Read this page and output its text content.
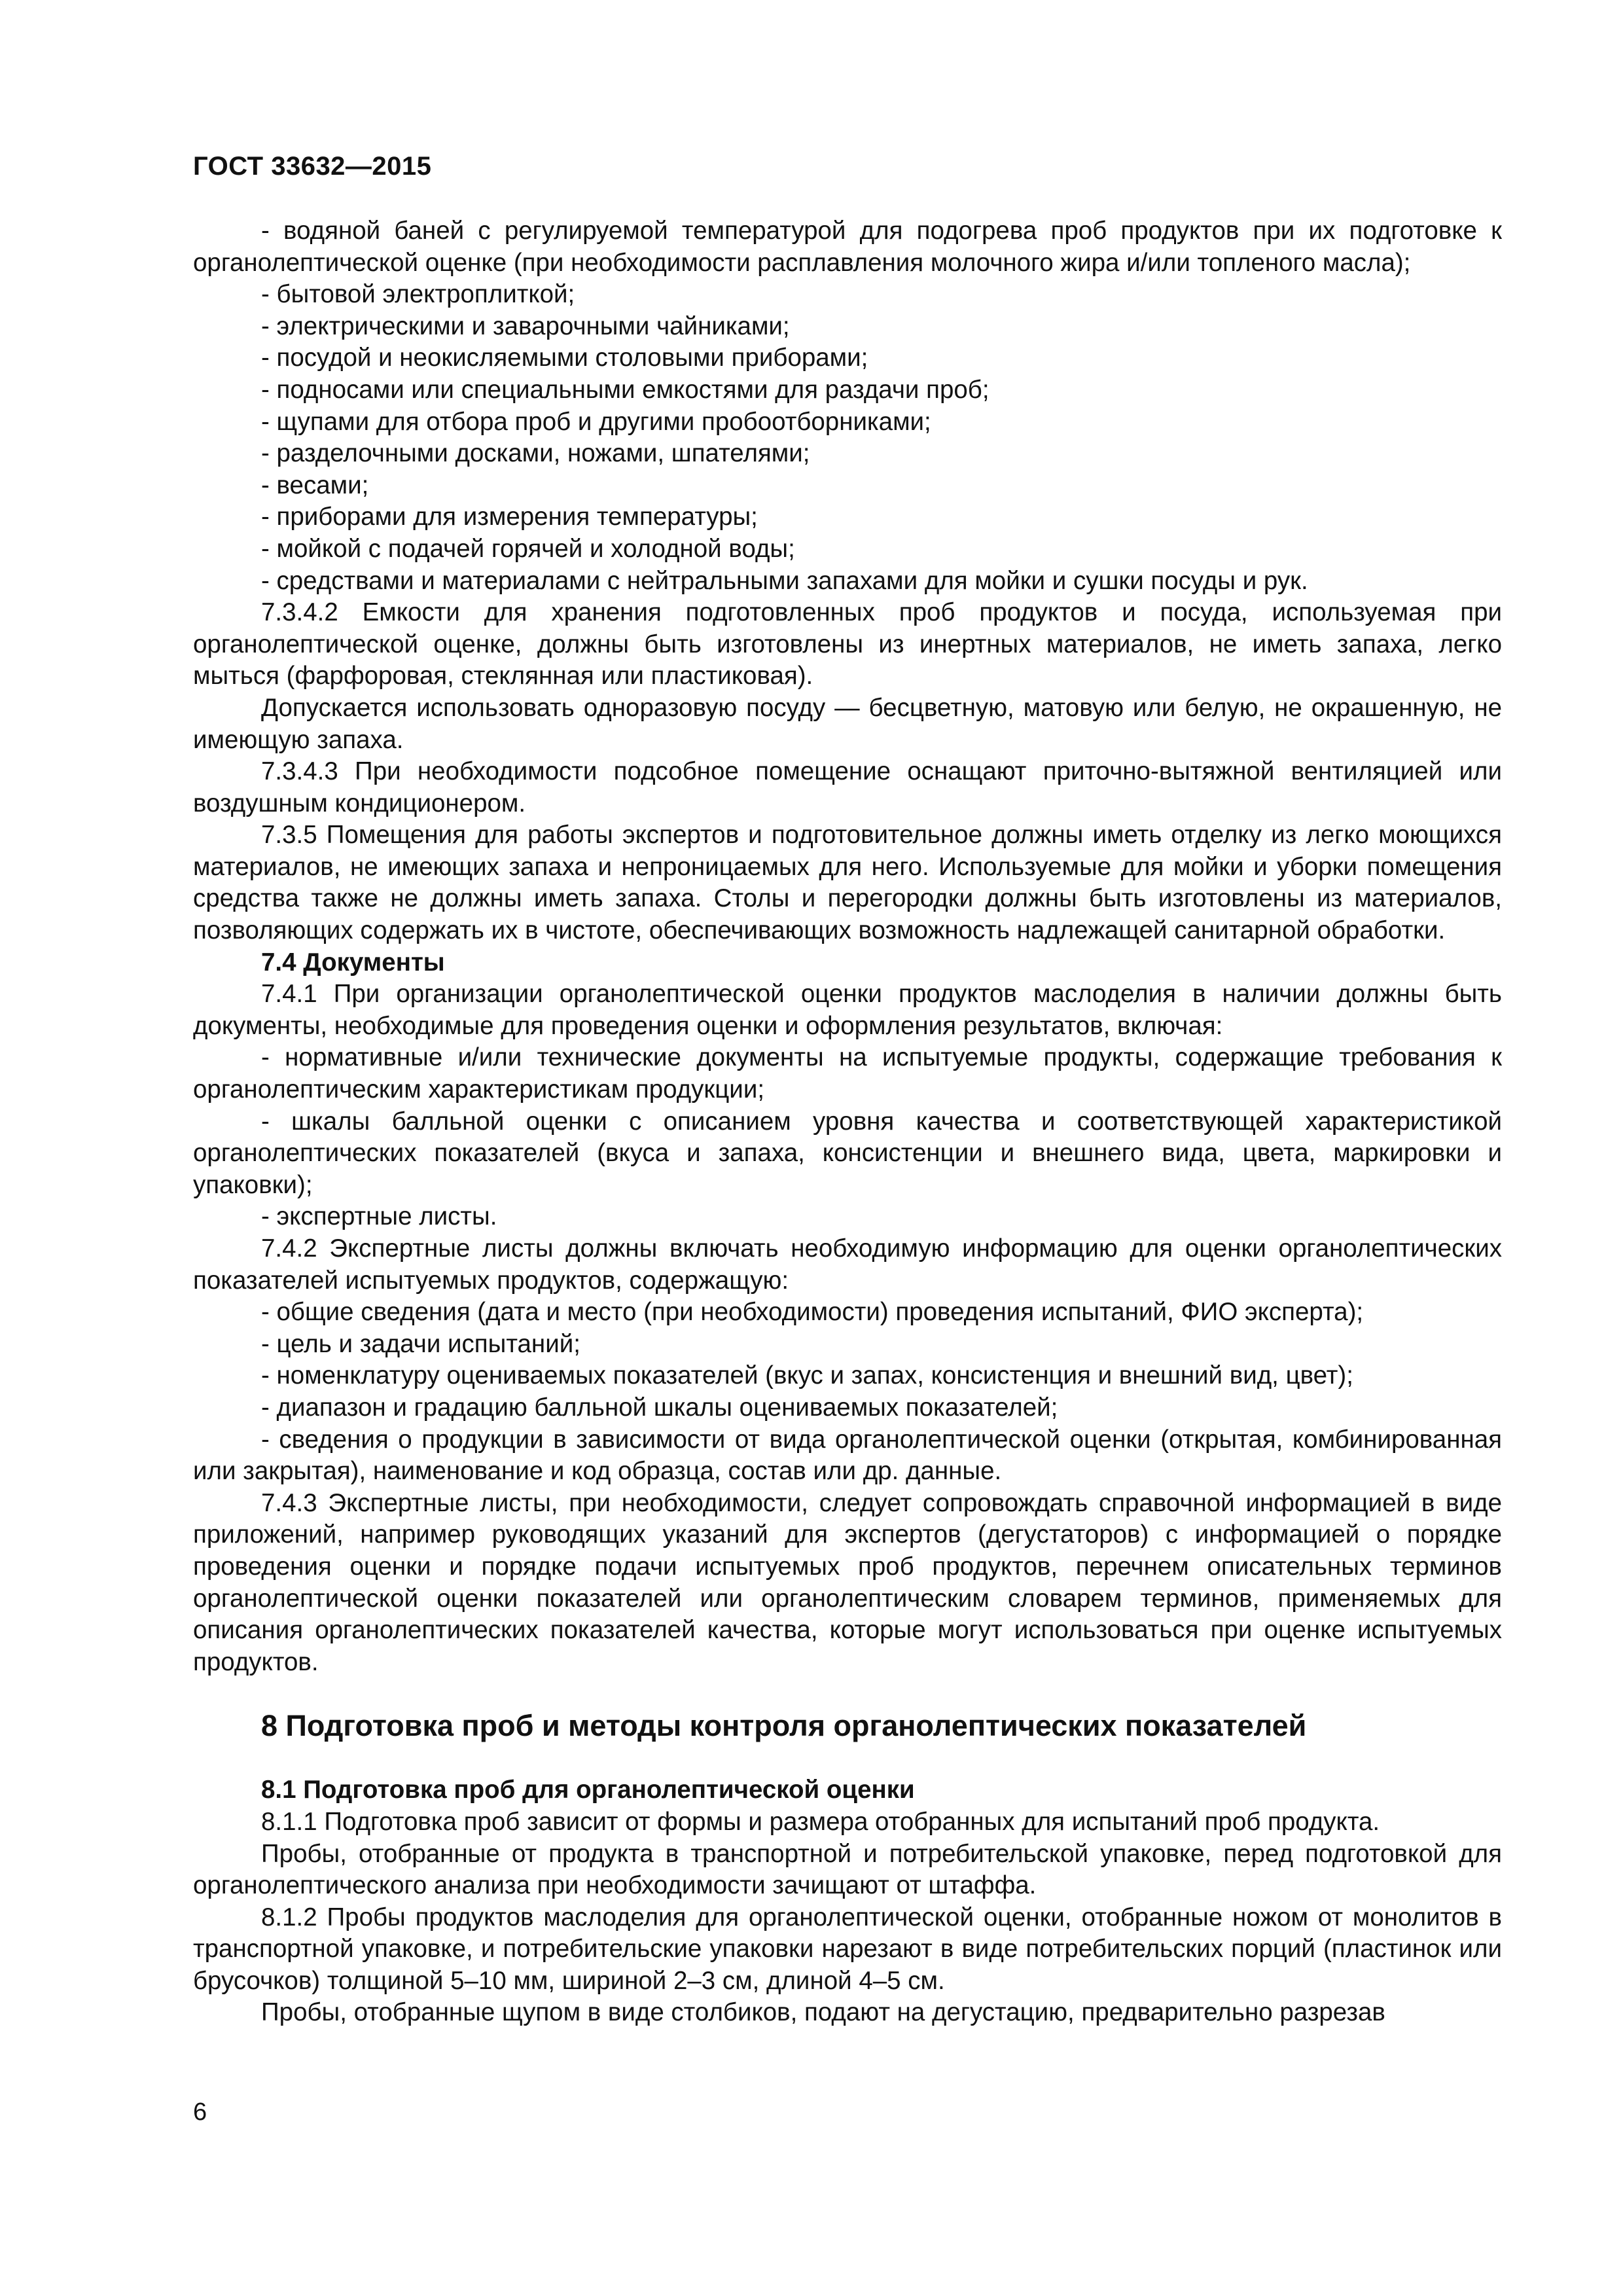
ГОСТ 33632—2015

- водяной баней с регулируемой температурой для подогрева проб продуктов при их подготовке к органолептической оценке (при необходимости расплавления молочного жира и/или топленого масла);

- бытовой электроплиткой;

- электрическими и заварочными чайниками;

- посудой и неокисляемыми столовыми приборами;

- подносами или специальными емкостями для раздачи проб;

- щупами для отбора проб и другими пробоотборниками;

- разделочными досками, ножами, шпателями;

- весами;

- приборами для измерения температуры;

- мойкой с подачей горячей и холодной воды;

- средствами и материалами с нейтральными запахами для мойки и сушки посуды и рук.

7.3.4.2 Емкости для хранения подготовленных проб продуктов и посуда, используемая при органолептической оценке, должны быть изготовлены из инертных материалов, не иметь запаха, легко мыться (фарфоровая, стеклянная или пластиковая).

Допускается использовать одноразовую посуду — бесцветную, матовую или белую, не окрашенную, не имеющую запаха.

7.3.4.3 При необходимости подсобное помещение оснащают приточно-вытяжной вентиляцией или воздушным кондиционером.

7.3.5 Помещения для работы экспертов и подготовительное должны иметь отделку из легко моющихся материалов, не имеющих запаха и непроницаемых для него. Используемые для мойки и уборки помещения средства также не должны иметь запаха. Столы и перегородки должны быть изготовлены из материалов, позволяющих содержать их в чистоте, обеспечивающих возможность надлежащей санитарной обработки.

7.4 Документы

7.4.1 При организации органолептической оценки продуктов маслоделия в наличии должны быть документы, необходимые для проведения оценки и оформления результатов, включая:

- нормативные и/или технические документы на испытуемые продукты, содержащие требования к органолептическим характеристикам продукции;

- шкалы балльной оценки с описанием уровня качества и соответствующей характеристикой органолептических показателей (вкуса и запаха, консистенции и внешнего вида, цвета, маркировки и упаковки);

- экспертные листы.

7.4.2 Экспертные листы должны включать необходимую информацию для оценки органолептических показателей испытуемых продуктов, содержащую:

- общие сведения (дата и место (при необходимости) проведения испытаний, ФИО эксперта);

- цель и задачи испытаний;

- номенклатуру оцениваемых показателей (вкус и запах, консистенция и внешний вид, цвет);

- диапазон и градацию балльной шкалы оцениваемых показателей;

- сведения о продукции в зависимости от вида органолептической оценки (открытая, комбинированная или закрытая), наименование и код образца, состав или др. данные.

7.4.3 Экспертные листы, при необходимости, следует сопровождать справочной информацией в виде приложений, например руководящих указаний для экспертов (дегустаторов) с информацией о порядке проведения оценки и порядке подачи испытуемых проб продуктов, перечнем описательных терминов органолептической оценки показателей или органолептическим словарем терминов, применяемых для описания органолептических показателей качества, которые могут использоваться при оценке испытуемых продуктов.

8 Подготовка проб и методы контроля органолептических показателей

8.1 Подготовка проб для органолептической оценки

8.1.1 Подготовка проб зависит от формы и размера отобранных для испытаний проб продукта.

Пробы, отобранные от продукта в транспортной и потребительской упаковке, перед подготовкой для органолептического анализа при необходимости зачищают от штаффа.

8.1.2 Пробы продуктов маслоделия для органолептической оценки, отобранные ножом от монолитов в транспортной упаковке, и потребительские упаковки нарезают в виде потребительских порций (пластинок или брусочков) толщиной 5–10 мм, шириной 2–3 см, длиной 4–5 см.

Пробы, отобранные щупом в виде столбиков, подают на дегустацию, предварительно разрезав

6
